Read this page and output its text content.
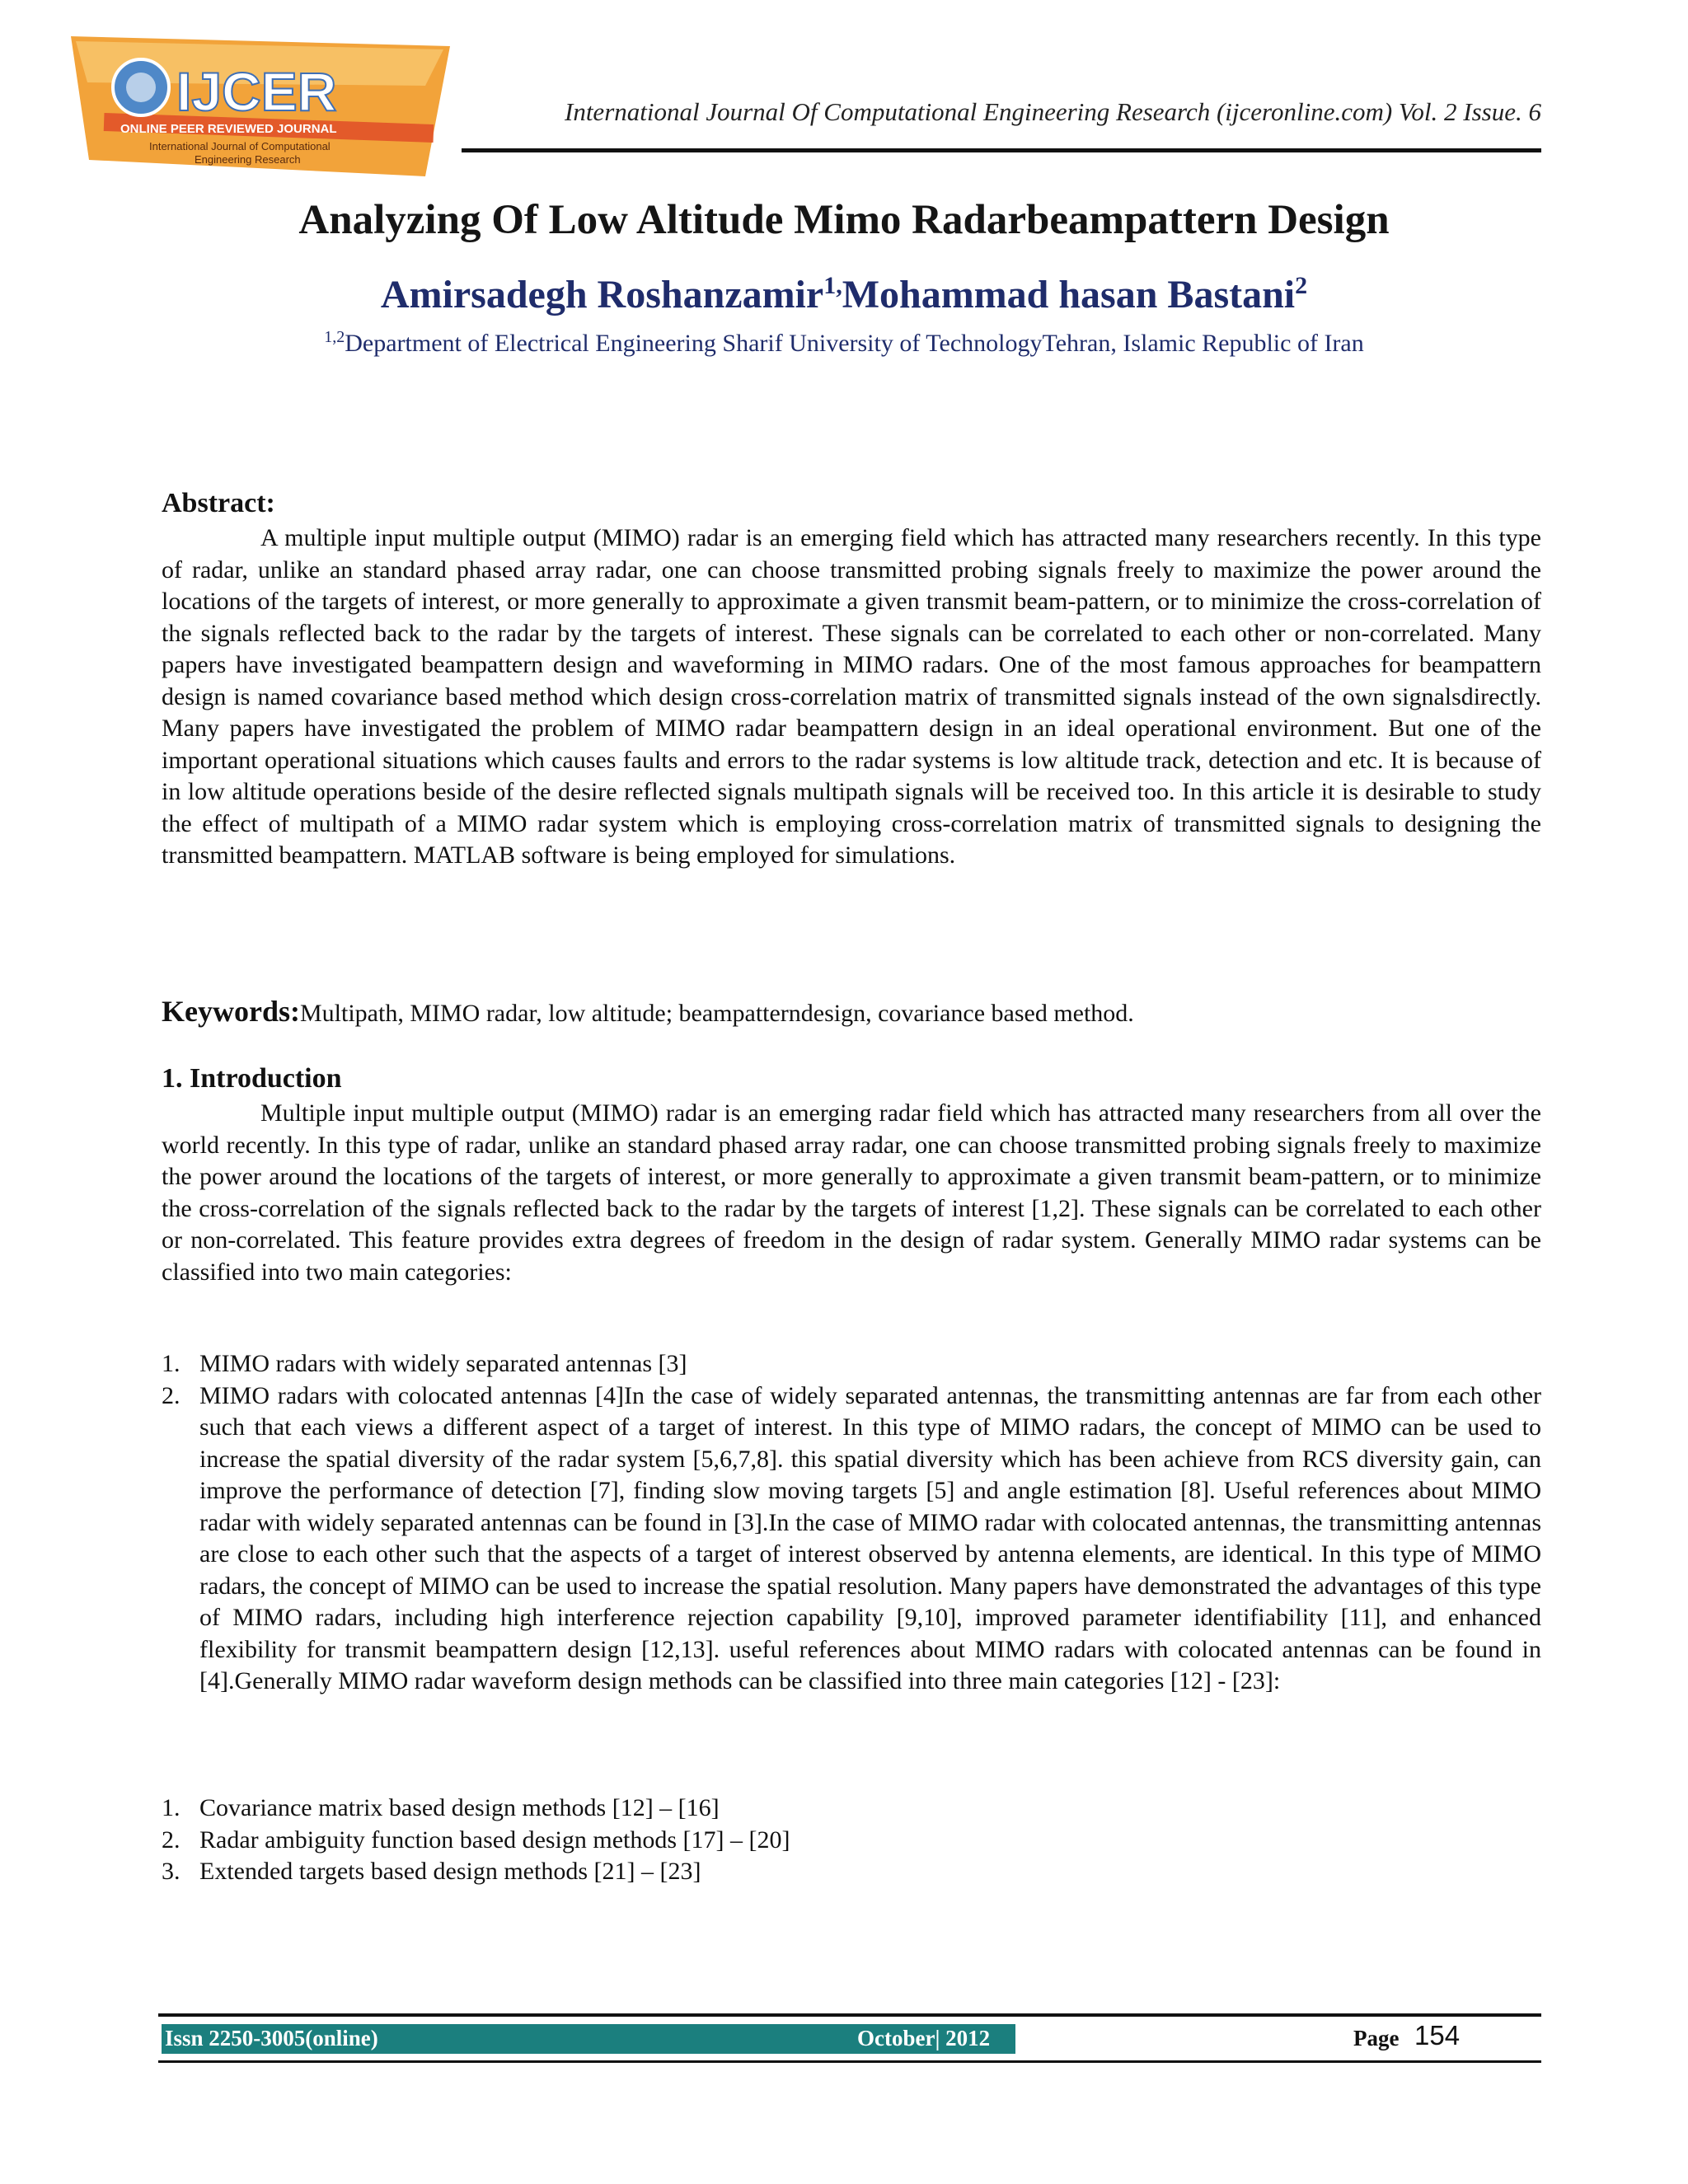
IJCER
ONLINE PEER REVIEWED JOURNAL
International Journal of Computational
Engineering Research
International Journal Of Computational Engineering Research (ijceronline.com) Vol. 2 Issue. 6
Analyzing Of Low Altitude Mimo Radarbeampattern Design
Amirsadegh Roshanzamir$^{1,}$Mohammad hasan Bastani$^2$
$^{1,2}$Department of Electrical Engineering Sharif University of TechnologyTehran, Islamic Republic of Iran
Abstract:
A multiple input multiple output (MIMO) radar is an emerging field which has attracted many researchers recently. In this type of radar, unlike an standard phased array radar, one can choose transmitted probing signals freely to maximize the power around the locations of the targets of interest, or more generally to approximate a given transmit beam-pattern, or to minimize the cross-correlation of the signals reflected back to the radar by the targets of interest. These signals can be correlated to each other or non-correlated. Many papers have investigated beampattern design and waveforming in MIMO radars. One of the most famous approaches for beampattern design is named covariance based method which design cross-correlation matrix of transmitted signals instead of the own signalsdirectly. Many papers have investigated the problem of MIMO radar beampattern design in an ideal operational environment. But one of the important operational situations which causes faults and errors to the radar systems is low altitude track, detection and etc. It is because of in low altitude operations beside of the desire reflected signals multipath signals will be received too. In this article it is desirable to study the effect of multipath of a MIMO radar system which is employing cross-correlation matrix of transmitted signals to designing the transmitted beampattern. MATLAB software is being employed for simulations.
Keywords:Multipath, MIMO radar, low altitude; beampatterndesign, covariance based method.
1. Introduction
Multiple input multiple output (MIMO) radar is an emerging radar field which has attracted many researchers from all over the world recently. In this type of radar, unlike an standard phased array radar, one can choose transmitted probing signals freely to maximize the power around the locations of the targets of interest, or more generally to approximate a given transmit beam-pattern, or to minimize the cross-correlation of the signals reflected back to the radar by the targets of interest [1,2]. These signals can be correlated to each other or non-correlated. This feature provides extra degrees of freedom in the design of radar system. Generally MIMO radar systems can be classified into two main categories:
1. MIMO radars with widely separated antennas [3]
2. MIMO radars with colocated antennas [4]In the case of widely separated antennas, the transmitting antennas are far from each other such that each views a different aspect of a target of interest. In this type of MIMO radars, the concept of MIMO can be used to increase the spatial diversity of the radar system [5,6,7,8]. this spatial diversity which has been achieve from RCS diversity gain, can improve the performance of detection [7], finding slow moving targets [5] and angle estimation [8]. Useful references about MIMO radar with widely separated antennas can be found in [3].In the case of MIMO radar with colocated antennas, the transmitting antennas are close to each other such that the aspects of a target of interest observed by antenna elements, are identical. In this type of MIMO radars, the concept of MIMO can be used to increase the spatial resolution. Many papers have demonstrated the advantages of this type of MIMO radars, including high interference rejection capability [9,10], improved parameter identifiability [11], and enhanced flexibility for transmit beampattern design [12,13]. useful references about MIMO radars with colocated antennas can be found in [4].Generally MIMO radar waveform design methods can be classified into three main categories [12] - [23]:
1. Covariance matrix based design methods [12] – [16]
2. Radar ambiguity function based design methods [17] – [20]
3. Extended targets based design methods [21] – [23]
Issn 2250-3005(online)	October| 2012	Page 154
